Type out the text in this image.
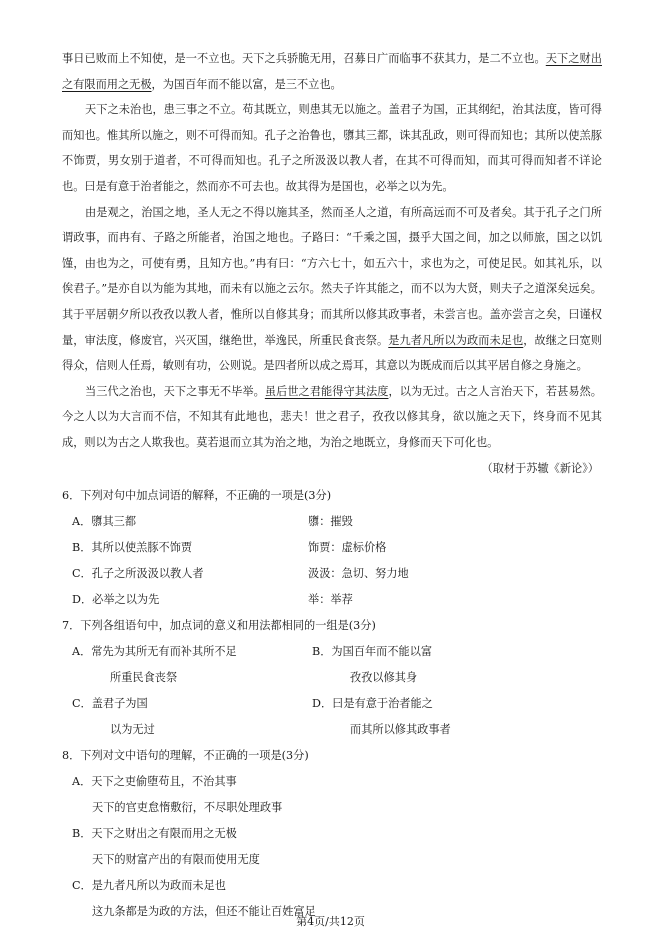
事日已败而上不知使，是一不立也。天下之兵骄脆无用，召募日广而临事不获其力，是二不立也。天下之财出之有限而用之无极，为国百年而不能以富，是三不立也。

天下之未治也，患三事之不立。苟其既立，则患其无以施之。盖君子为国，正其纲纪，治其法度，皆可得而知也。惟其所以施之，则不可得而知。孔子之治鲁也，隳其三都，诛其乱政，则可得而知也；其所以使羔豚不饰贾，男女别于道者，不可得而知也。孔子之所汲汲以教人者，在其不可得而知，而其可得而知者不详论也。曰是有意于治者能之，然而亦不可去也。故其得为是国也，必举之以为先。

由是观之，治国之地，圣人无之不得以施其圣，然而圣人之道，有所高远而不可及者矣。其于孔子之门所谓政事，而冉有、子路之所能者，治国之地也。子路曰：“千乘之国，摄乎大国之间，加之以师旅，国之以饥馑，由也为之，可使有勇，且知方也。”冉有曰：“方六七十，如五六十，求也为之，可使足民。如其礼乐，以俟君子。”是亦自以为能为其地，而未有以施之云尔。然夫子许其能之，而不以为大贤，则夫子之道深矣远矣。其于平居朝夕所以孜孜以教人者，惟所以自修其身；而其所以修其政事者，未尝言也。盖亦尝言之矣，曰谨权量，审法度，修废官，兴灭国，继绝世，举逸民，所重民食丧祭。是九者凡所以为政而未足也，故继之曰宽则得众，信则人任焉，敏则有功，公则说。是四者所以成之焉耳，其意以为既成而后以其平居自修之身施之。

当三代之治也，天下之事无不毕举。虽后世之君能得守其法度，以为无过。古之人言治天下，若甚易然。今之人以为大言而不信，不知其有此地也，悲夫！世之君子，孜孜以修其身，欲以施之天下，终身而不见其成，则以为古之人欺我也。莫若退而立其为治之地，为治之地既立，身修而天下可化也。

（取材于苏辙《新论》）

6．下列对句中加点词语的解释，不正确的一项是(3分)

A．隳其三都	隳：摧毁
B．其所以使羔豚不饰贾	饰贾：虚标价格
C．孔子之所汲汲以教人者	汲汲：急切、努力地
D．必举之以为先	举：举荐

7．下列各组语句中，加点词的意义和用法都相同的一组是(3分)

A．常先为其所无有而补其所不足
所重民食丧祭
B．为国百年而不能以富
孜孜以修其身
C．盖君子为国
以为无过
D．曰是有意于治者能之
而其所以修其政事者

8．下列对文中语句的理解，不正确的一项是(3分)

A．天下之吏偷堕苟且，不治其事
天下的官吏怠惰敷衍，不尽职处理政事
B．天下之财出之有限而用之无极
天下的财富产出的有限而使用无度
C．是九者凡所以为政而未足也
这九条都是为政的方法，但还不能让百姓富足
第4页/共12页
